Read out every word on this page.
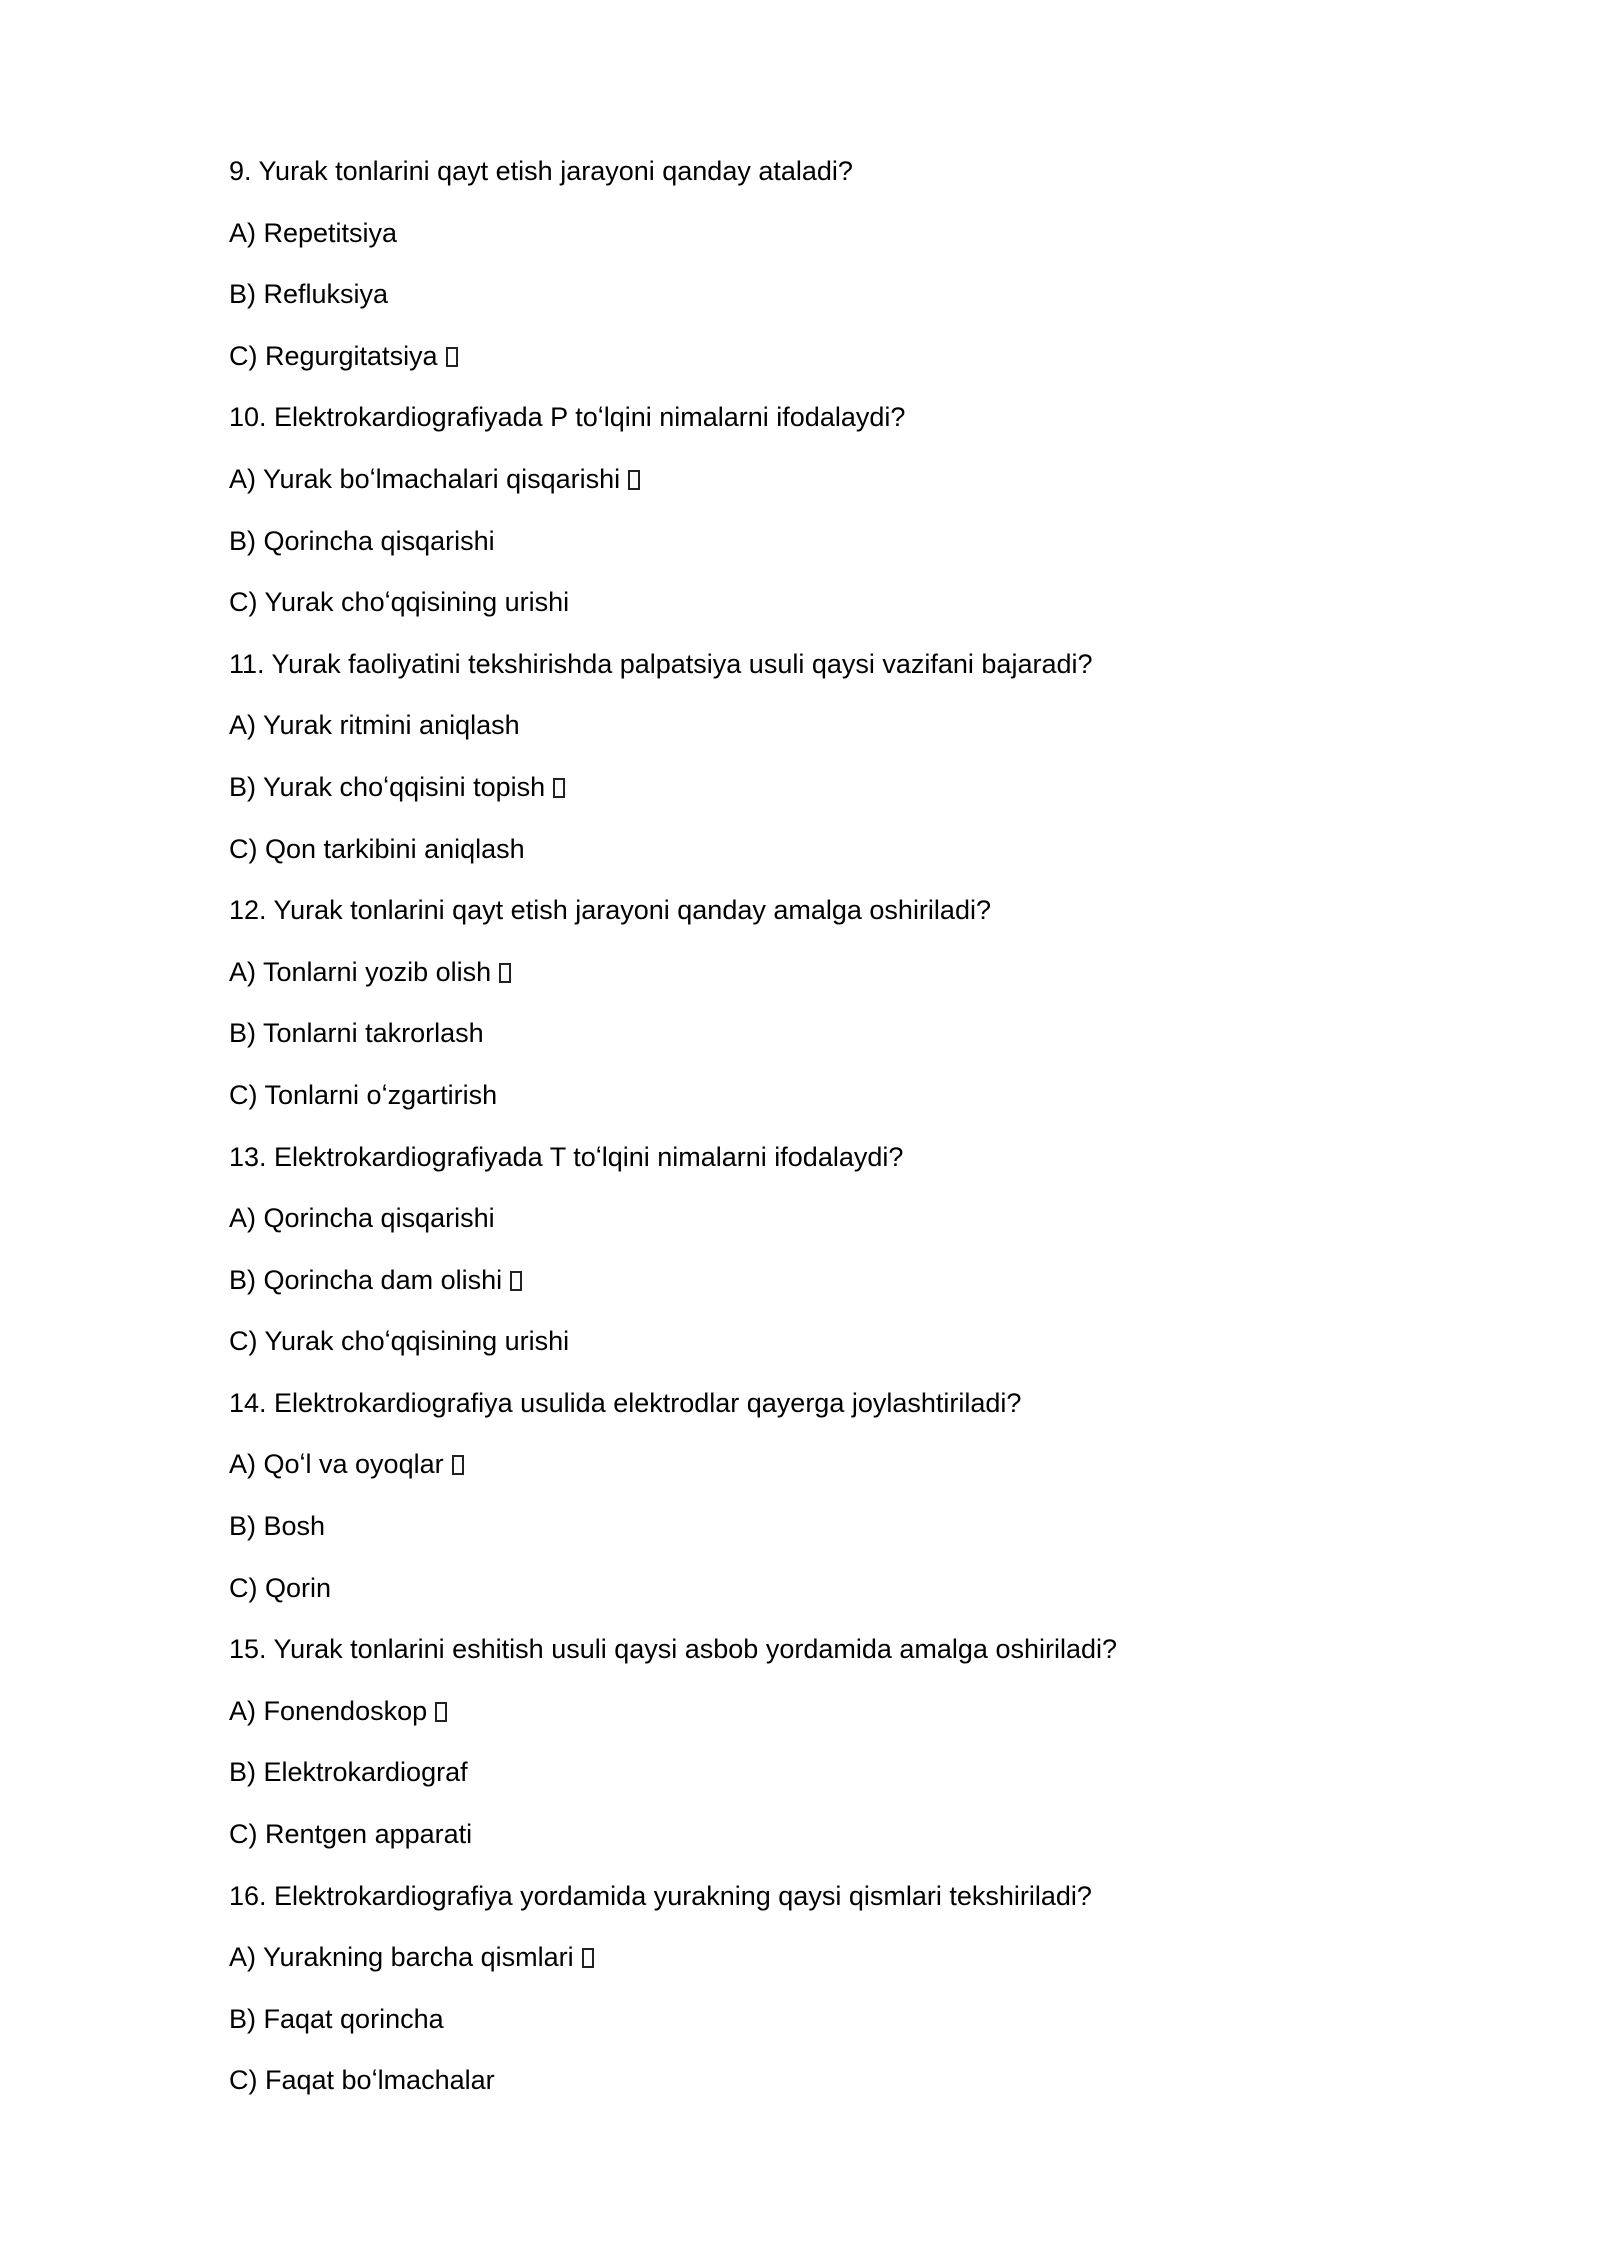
9. Yurak tonlarini qayt etish jarayoni qanday ataladi?
A) Repetitsiya
B) Refluksiya
C) Regurgitatsiya
10. Elektrokardiografiyada P toʻlqini nimalarni ifodalaydi?
A) Yurak boʻlmachalari qisqarishi
B) Qorincha qisqarishi
C) Yurak choʻqqisining urishi
11. Yurak faoliyatini tekshirishda palpatsiya usuli qaysi vazifani bajaradi?
A) Yurak ritmini aniqlash
B) Yurak choʻqqisini topish
C) Qon tarkibini aniqlash
12. Yurak tonlarini qayt etish jarayoni qanday amalga oshiriladi?
A) Tonlarni yozib olish
B) Tonlarni takrorlash
C) Tonlarni oʻzgartirish
13. Elektrokardiografiyada T toʻlqini nimalarni ifodalaydi?
A) Qorincha qisqarishi
B) Qorincha dam olishi
C) Yurak choʻqqisining urishi
14. Elektrokardiografiya usulida elektrodlar qayerga joylashtiriladi?
A) Qoʻl va oyoqlar
B) Bosh
C) Qorin
15. Yurak tonlarini eshitish usuli qaysi asbob yordamida amalga oshiriladi?
A) Fonendoskop
B) Elektrokardiograf
C) Rentgen apparati
16. Elektrokardiografiya yordamida yurakning qaysi qismlari tekshiriladi?
A) Yurakning barcha qismlari
B) Faqat qorincha
C) Faqat boʻlmachalar
